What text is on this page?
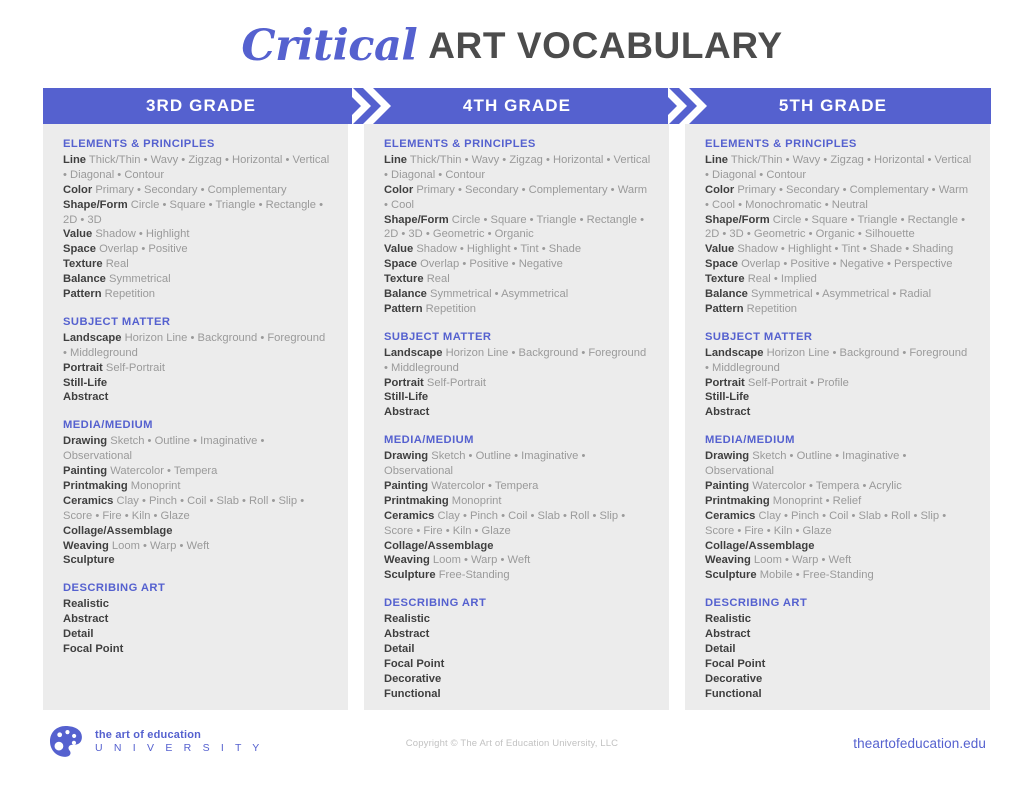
Critical ART VOCABULARY
3RD GRADE	4TH GRADE	5TH GRADE
ELEMENTS & PRINCIPLES

Line Thick/Thin • Wavy • Zigzag • Horizontal • Vertical • Diagonal • Contour

Color Primary • Secondary • Complementary

Shape/Form Circle • Square • Triangle • Rectangle • 2D • 3D

Value Shadow • Highlight

Space Overlap • Positive

Texture Real

Balance Symmetrical

Pattern Repetition

SUBJECT MATTER

Landscape Horizon Line • Background • Foreground • Middleground

Portrait Self-Portrait

Still-Life

Abstract

MEDIA/MEDIUM

Drawing Sketch • Outline • Imaginative • Observational

Painting Watercolor • Tempera

Printmaking Monoprint

Ceramics Clay • Pinch • Coil • Slab • Roll • Slip • Score • Fire • Kiln • Glaze

Collage/Assemblage

Weaving Loom • Warp • Weft

Sculpture

DESCRIBING ART

Realistic

Abstract

Detail

Focal Point

ELEMENTS & PRINCIPLES

Line Thick/Thin • Wavy • Zigzag • Horizontal • Vertical • Diagonal • Contour

Color Primary • Secondary • Complementary • Warm • Cool

Shape/Form Circle • Square • Triangle • Rectangle • 2D • 3D • Geometric • Organic

Value Shadow • Highlight • Tint • Shade

Space Overlap • Positive • Negative

Texture Real

Balance Symmetrical • Asymmetrical

Pattern Repetition

SUBJECT MATTER

Landscape Horizon Line • Background • Foreground • Middleground

Portrait Self-Portrait

Still-Life

Abstract

MEDIA/MEDIUM

Drawing Sketch • Outline • Imaginative • Observational

Painting Watercolor • Tempera

Printmaking Monoprint

Ceramics Clay • Pinch • Coil • Slab • Roll • Slip • Score • Fire • Kiln • Glaze

Collage/Assemblage

Weaving Loom • Warp • Weft

Sculpture Free-Standing

DESCRIBING ART

Realistic

Abstract

Detail

Focal Point

Decorative

Functional

ELEMENTS & PRINCIPLES

Line Thick/Thin • Wavy • Zigzag • Horizontal • Vertical • Diagonal • Contour

Color Primary • Secondary • Complementary • Warm • Cool • Monochromatic • Neutral

Shape/Form Circle • Square • Triangle • Rectangle • 2D • 3D • Geometric • Organic • Silhouette

Value Shadow • Highlight • Tint • Shade • Shading

Space Overlap • Positive • Negative • Perspective

Texture Real • Implied

Balance Symmetrical • Asymmetrical • Radial

Pattern Repetition

SUBJECT MATTER

Landscape Horizon Line • Background • Foreground • Middleground

Portrait Self-Portrait • Profile

Still-Life

Abstract

MEDIA/MEDIUM

Drawing Sketch • Outline • Imaginative • Observational

Painting Watercolor • Tempera • Acrylic

Printmaking Monoprint • Relief

Ceramics Clay • Pinch • Coil • Slab • Roll • Slip • Score • Fire • Kiln • Glaze

Collage/Assemblage

Weaving Loom • Warp • Weft

Sculpture Mobile • Free-Standing

DESCRIBING ART

Realistic

Abstract

Detail

Focal Point

Decorative

Functional

the art of education
U N I V E R S I T Y	Copyright © The Art of Education University, LLC	theartofeducation.edu
